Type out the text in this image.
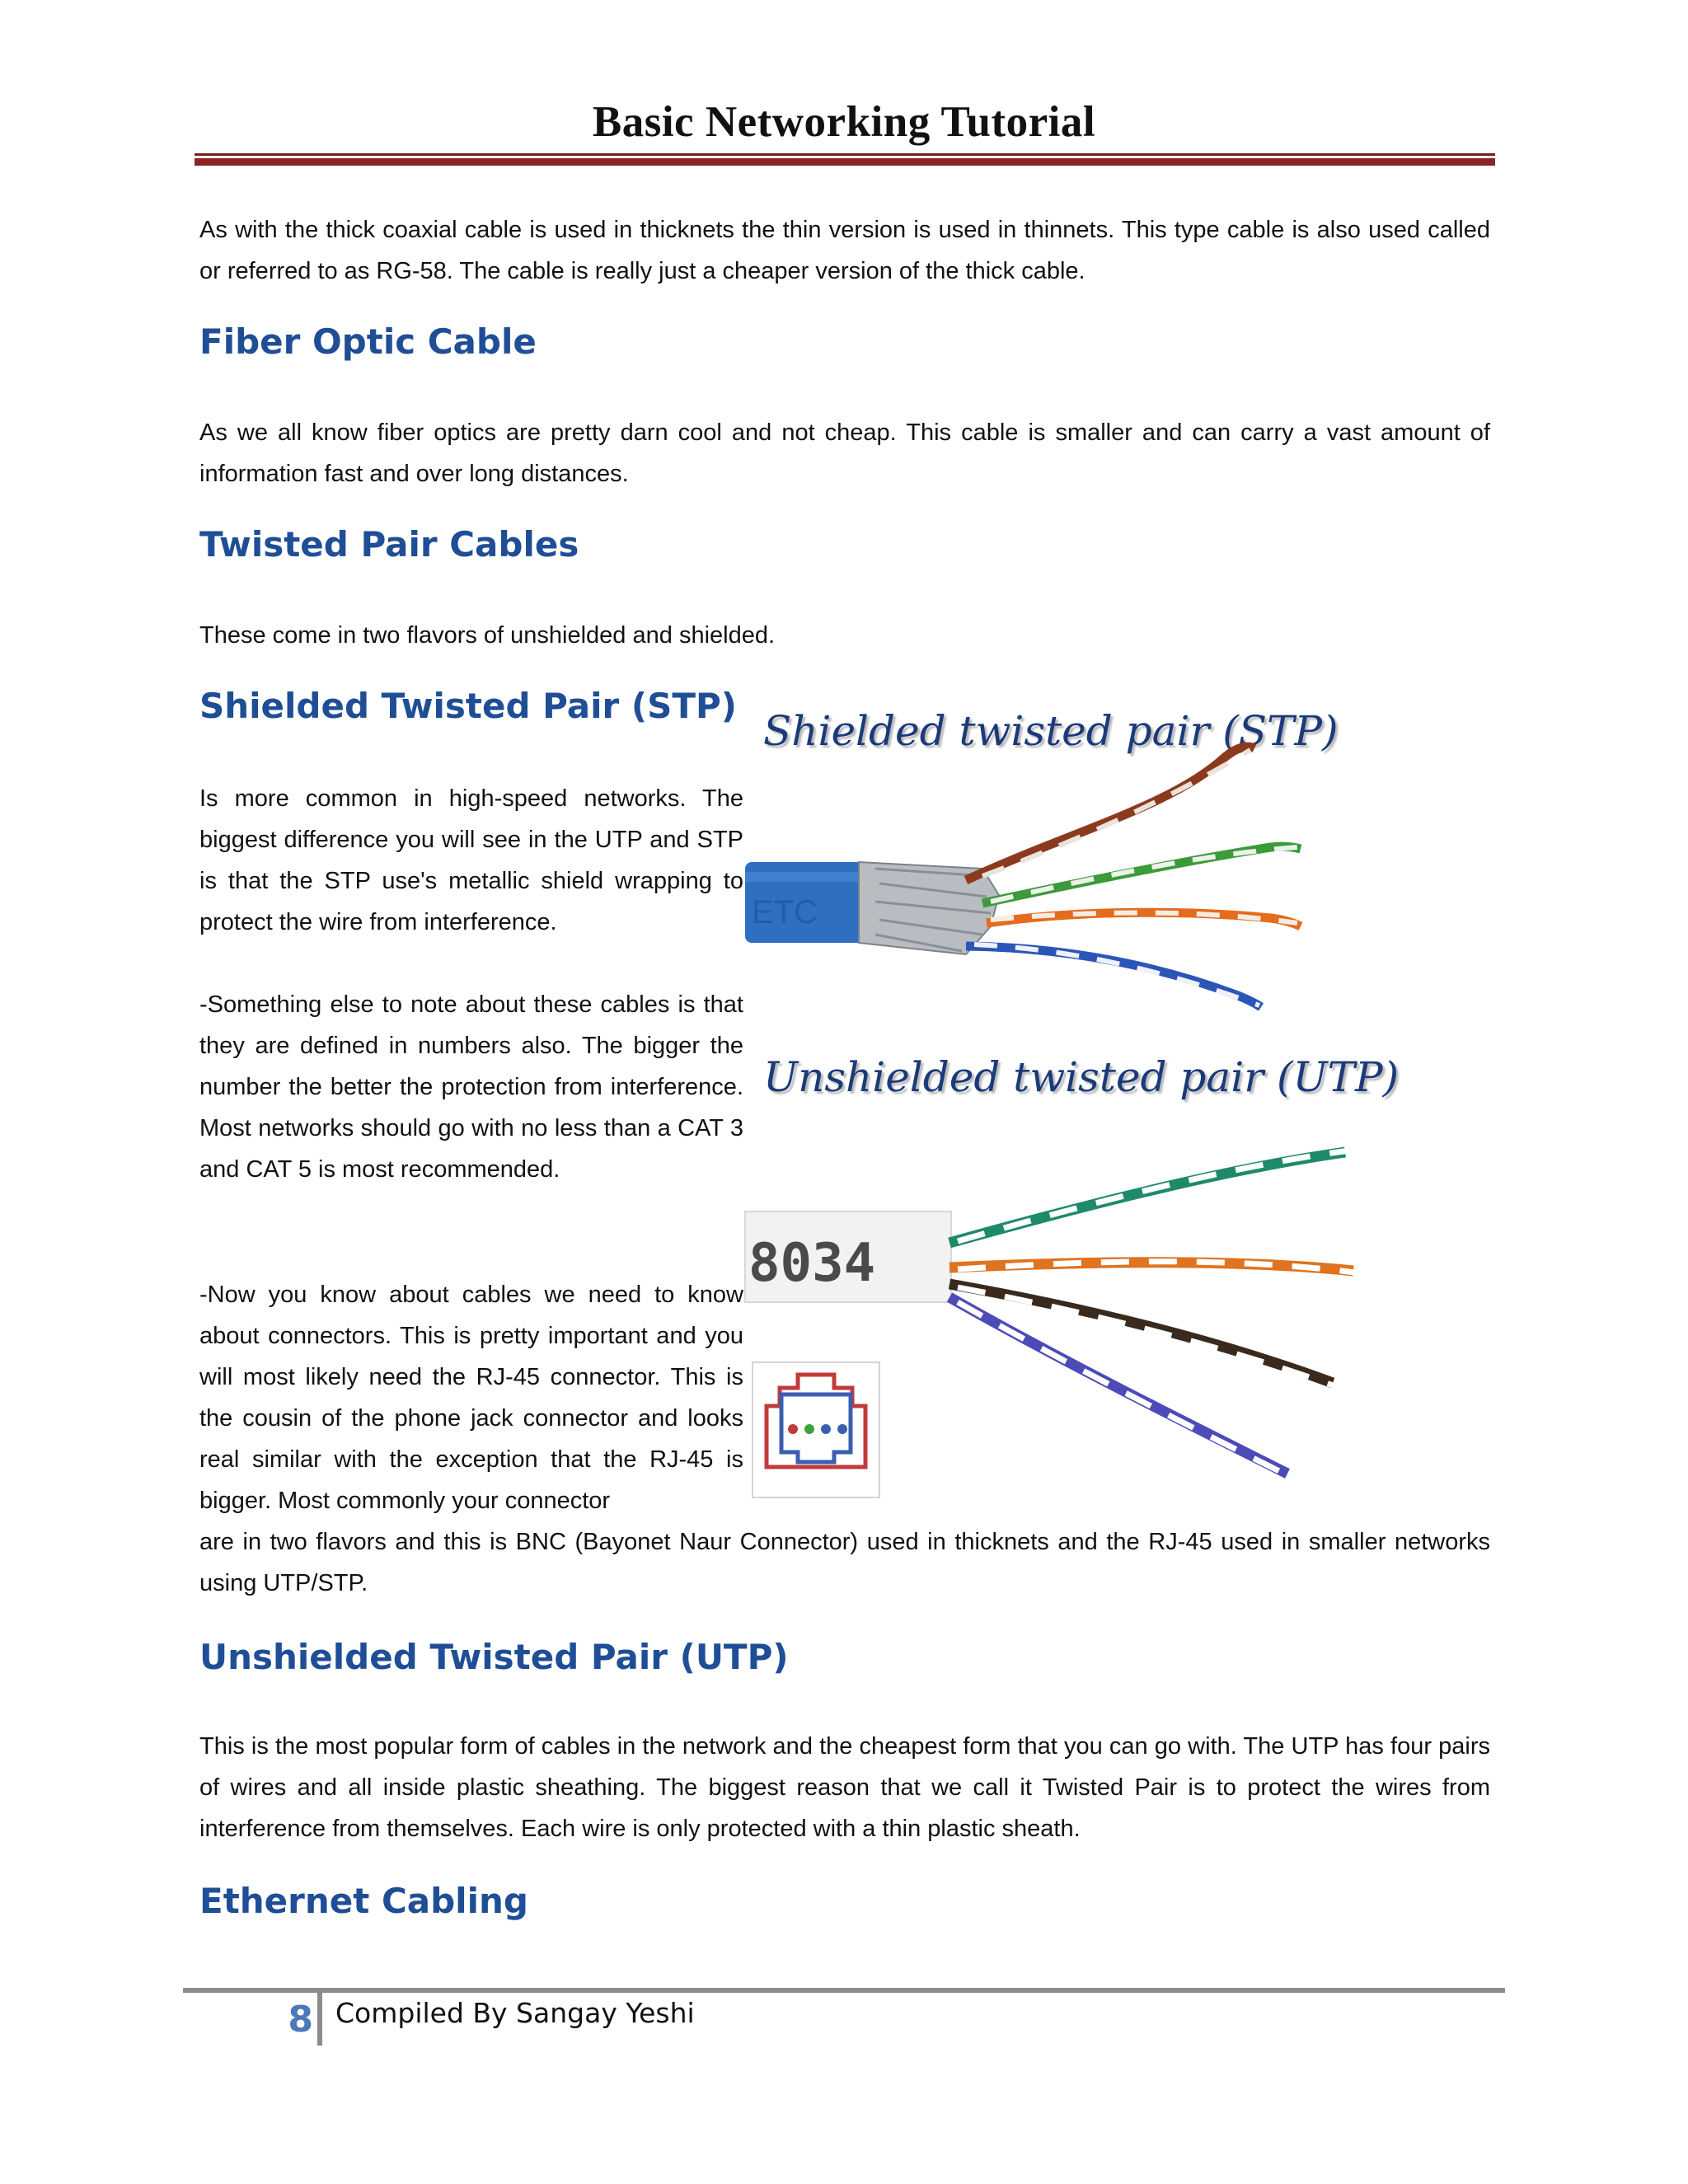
Basic Networking Tutorial

As with the thick coaxial cable is used in thicknets the thin version is used in thinnets. This type cable is also used called or referred to as RG-58. The cable is really just a cheaper version of the thick cable.

Fiber Optic Cable

As we all know fiber optics are pretty darn cool and not cheap. This cable is smaller and can carry a vast amount of information fast and over long distances.

Twisted Pair Cables

These come in two flavors of unshielded and shielded.

Shielded Twisted Pair (STP)

Is more common in high-speed networks. The biggest difference you will see in the UTP and STP is that the STP use's metallic shield wrapping to protect the wire from interference.

-Something else to note about these cables is that they are defined in numbers also. The bigger the number the better the protection from interference. Most networks should go with no less than a CAT 3 and CAT 5 is most recommended.

-Now you know about cables we need to know about connectors. This is pretty important and you will most likely need the RJ-45 connector. This is the cousin of the phone jack connector and looks real similar with the exception that the RJ-45 is bigger. Most commonly your connector

are in two flavors and this is BNC (Bayonet Naur Connector) used in thicknets and the RJ-45 used in smaller networks using UTP/STP.

Shielded twisted pair (STP)
Unshielded twisted pair (UTP)
ETC
8034
Unshielded Twisted Pair (UTP)

This is the most popular form of cables in the network and the cheapest form that you can go with. The UTP has four pairs of wires and all inside plastic sheathing. The biggest reason that we call it Twisted Pair is to protect the wires from interference from themselves. Each wire is only protected with a thin plastic sheath.

Ethernet Cabling
8 Compiled By Sangay Yeshi
